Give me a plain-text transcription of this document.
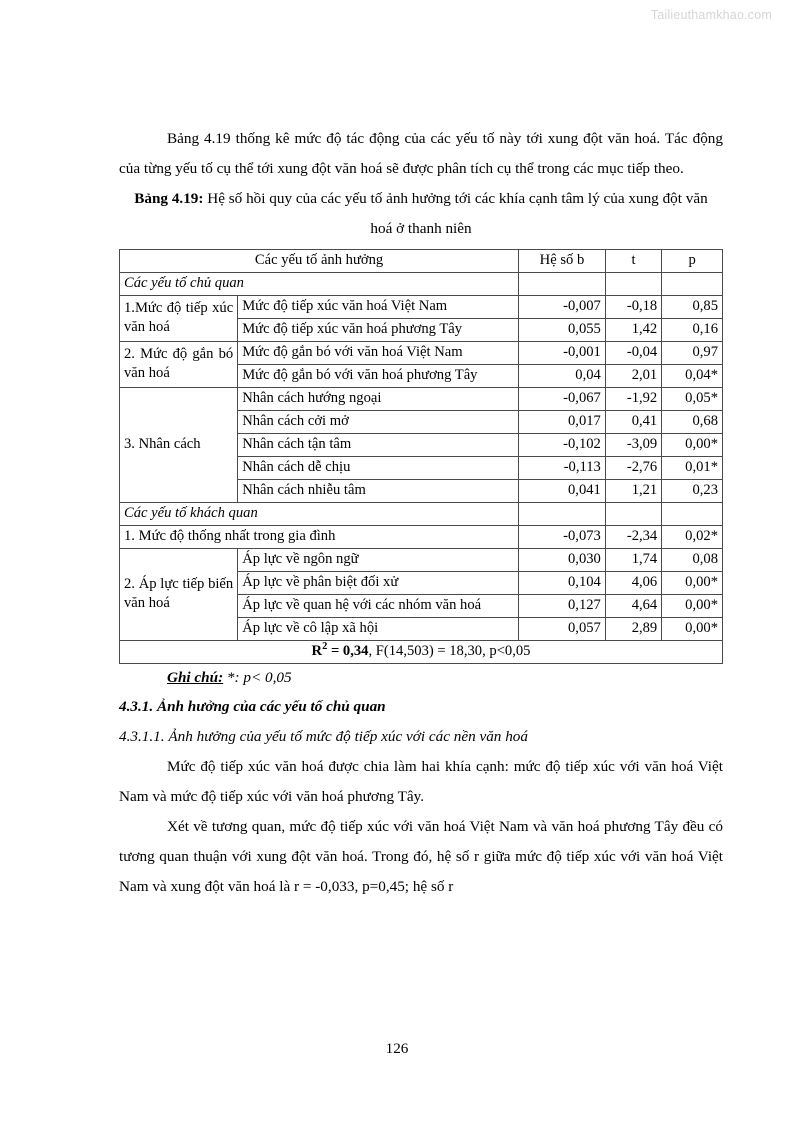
Tailieuthamkhao.com

Bảng 4.19 thống kê mức độ tác động của các yếu tố này tới xung đột văn hoá. Tác động của từng yếu tố cụ thể tới xung đột văn hoá sẽ được phân tích cụ thể trong các mục tiếp theo.

Bảng 4.19: Hệ số hồi quy của các yếu tố ảnh hưởng tới các khía cạnh tâm lý của xung đột văn hoá ở thanh niên
Các yếu tố ảnh hưởng		Hệ số b	t	p
Các yếu tố chủ quan				
1.Mức độ tiếp xúc văn hoá	Mức độ tiếp xúc văn hoá Việt Nam	-0,007	-0,18	0,85
	Mức độ tiếp xúc văn hoá phương Tây	0,055	1,42	0,16
2. Mức độ gắn bó văn hoá	Mức độ gắn bó với văn hoá Việt Nam	-0,001	-0,04	0,97
	Mức độ gắn bó với văn hoá phương Tây	0,04	2,01	0,04*
3. Nhân cách	Nhân cách hướng ngoại	-0,067	-1,92	0,05*
	Nhân cách cởi mở	0,017	0,41	0,68
	Nhân cách tận tâm	-0,102	-3,09	0,00*
	Nhân cách dễ chịu	-0,113	-2,76	0,01*
	Nhân cách nhiễu tâm	0,041	1,21	0,23
Các yếu tố khách quan				
1. Mức độ thống nhất trong gia đình		-0,073	-2,34	0,02*
2. Áp lực tiếp biến văn hoá	Áp lực về ngôn ngữ	0,030	1,74	0,08
	Áp lực về phân biệt đối xử	0,104	4,06	0,00*
	Áp lực về quan hệ với các nhóm văn hoá	0,127	4,64	0,00*
	Áp lực về cô lập xã hội	0,057	2,89	0,00*
$R^2 = 0,34$, F(14,503) = 18,30, p<0,05				

Ghi chú: *: p< 0,05

4.3.1. Ảnh hưởng của các yếu tố chủ quan
4.3.1.1. Ảnh hưởng của yếu tố mức độ tiếp xúc với các nền văn hoá

Mức độ tiếp xúc văn hoá được chia làm hai khía cạnh: mức độ tiếp xúc với văn hoá Việt Nam và mức độ tiếp xúc với văn hoá phương Tây.

Xét về tương quan, mức độ tiếp xúc với văn hoá Việt Nam và văn hoá phương Tây đều có tương quan thuận với xung đột văn hoá. Trong đó, hệ số r giữa mức độ tiếp xúc với văn hoá Việt Nam và xung đột văn hoá là r = -0,033, p=0,45; hệ số r

126
